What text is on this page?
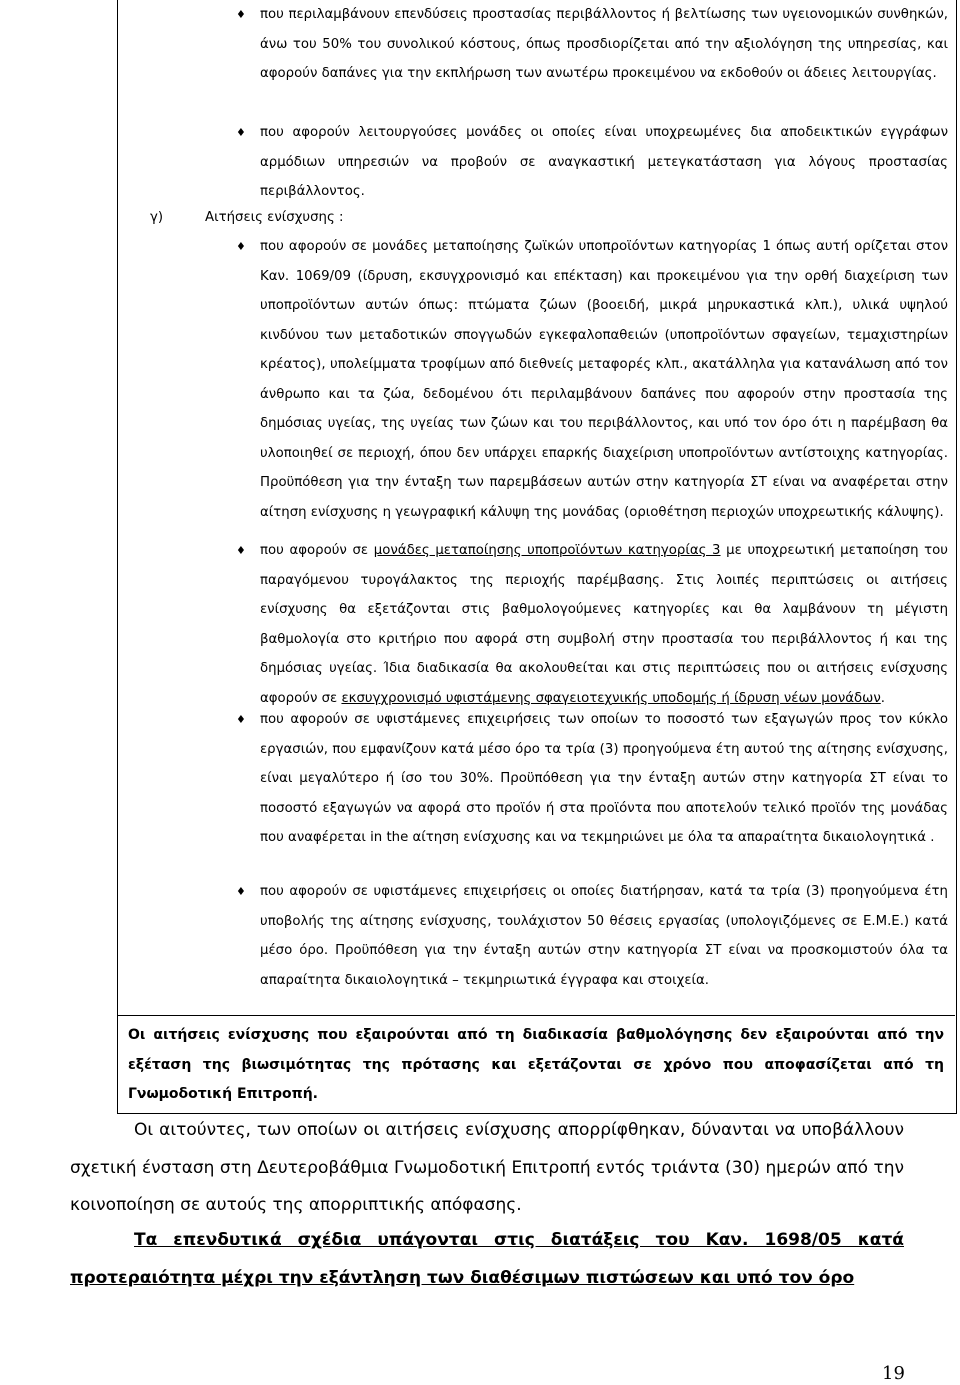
♦ που περιλαμβάνουν επενδύσεις προστασίας περιβάλλοντος ή βελτίωσης των υγειονομικών συνθηκών, άνω του 50% του συνολικού κόστους, όπως προσδιορίζεται από την αξιολόγηση της υπηρεσίας, και αφορούν δαπάνες για την εκπλήρωση των ανωτέρω προκειμένου να εκδοθούν οι άδειες λειτουργίας.
♦ που αφορούν λειτουργούσες μονάδες οι οποίες είναι υποχρεωμένες δια αποδεικτικών εγγράφων αρμόδιων υπηρεσιών να προβούν σε αναγκαστική μετεγκατάσταση για λόγους προστασίας περιβάλλοντος.
γ)	Αιτήσεις ενίσχυσης :
♦ που αφορούν σε μονάδες μεταποίησης ζωϊκών υποπροϊόντων κατηγορίας 1 όπως αυτή ορίζεται στον Καν. 1069/09 (ίδρυση, εκσυγχρονισμό και επέκταση) και προκειμένου για την ορθή διαχείριση των υποπροϊόντων αυτών όπως: πτώματα ζώων (βοοειδή, μικρά μηρυκαστικά κλπ.), υλικά υψηλού κινδύνου των μεταδοτικών σπογγωδών εγκεφαλοπαθειών (υποπροϊόντων σφαγείων, τεμαχιστηρίων κρέατος), υπολείμματα τροφίμων από διεθνείς μεταφορές κλπ., ακατάλληλα για κατανάλωση από τον άνθρωπο και τα ζώα, δεδομένου ότι περιλαμβάνουν δαπάνες που αφορούν στην προστασία της δημόσιας υγείας, της υγείας των ζώων και του περιβάλλοντος, και υπό τον όρο ότι η παρέμβαση θα υλοποιηθεί σε περιοχή, όπου δεν υπάρχει επαρκής διαχείριση υποπροϊόντων αντίστοιχης κατηγορίας. Προϋπόθεση για την ένταξη των παρεμβάσεων αυτών στην κατηγορία ΣΤ είναι να αναφέρεται στην αίτηση ενίσχυσης η γεωγραφική κάλυψη της μονάδας (οριοθέτηση περιοχών υποχρεωτικής κάλυψης).
♦ που αφορούν σε μονάδες μεταποίησης υποπροϊόντων κατηγορίας 3 με υποχρεωτική μεταποίηση του παραγόμενου τυρογάλακτος της περιοχής παρέμβασης. Στις λοιπές περιπτώσεις οι αιτήσεις ενίσχυσης θα εξετάζονται στις βαθμολογούμενες κατηγορίες και θα λαμβάνουν τη μέγιστη βαθμολογία στο κριτήριο που αφορά στη συμβολή στην προστασία του περιβάλλοντος ή και της δημόσιας υγείας. Ίδια διαδικασία θα ακολουθείται και στις περιπτώσεις που οι αιτήσεις ενίσχυσης αφορούν σε εκσυγχρονισμό υφιστάμενης σφαγειοτεχνικής υποδομής ή ίδρυση νέων μονάδων.
♦ που αφορούν σε υφιστάμενες επιχειρήσεις των οποίων το ποσοστό των εξαγωγών προς τον κύκλο εργασιών, που εμφανίζουν κατά μέσο όρο τα τρία (3) προηγούμενα έτη αυτού της αίτησης ενίσχυσης, είναι μεγαλύτερο ή ίσο του 30%. Προϋπόθεση για την ένταξη αυτών στην κατηγορία ΣΤ είναι το ποσοστό εξαγωγών να αφορά στο προϊόν ή στα προϊόντα που αποτελούν τελικό προϊόν της μονάδας που αναφέρεται in the αίτηση ενίσχυσης και να τεκμηριώνει με όλα τα απαραίτητα δικαιολογητικά .
♦ που αφορούν σε υφιστάμενες επιχειρήσεις οι οποίες διατήρησαν, κατά τα τρία (3) προηγούμενα έτη υποβολής της αίτησης ενίσχυσης, τουλάχιστον 50 θέσεις εργασίας (υπολογιζόμενες σε Ε.Μ.Ε.) κατά μέσο όρο. Προϋπόθεση για την ένταξη αυτών στην κατηγορία ΣΤ είναι να προσκομιστούν όλα τα απαραίτητα δικαιολογητικά – τεκμηριωτικά έγγραφα και στοιχεία.
Οι αιτήσεις ενίσχυσης που εξαιρούνται από τη διαδικασία βαθμολόγησης δεν εξαιρούνται από την εξέταση της βιωσιμότητας της πρότασης και εξετάζονται σε χρόνο που αποφασίζεται από τη Γνωμοδοτική Επιτροπή.
Οι αιτούντες, των οποίων οι αιτήσεις ενίσχυσης απορρίφθηκαν, δύνανται να υποβάλλουν σχετική ένσταση στη Δευτεροβάθμια Γνωμοδοτική Επιτροπή εντός τριάντα (30) ημερών από την κοινοποίηση σε αυτούς της απορριπτικής απόφασης.
Τα επενδυτικά σχέδια υπάγονται στις διατάξεις του Καν. 1698/05 κατά προτεραιότητα μέχρι την εξάντληση των διαθέσιμων πιστώσεων και υπό τον όρο
19
